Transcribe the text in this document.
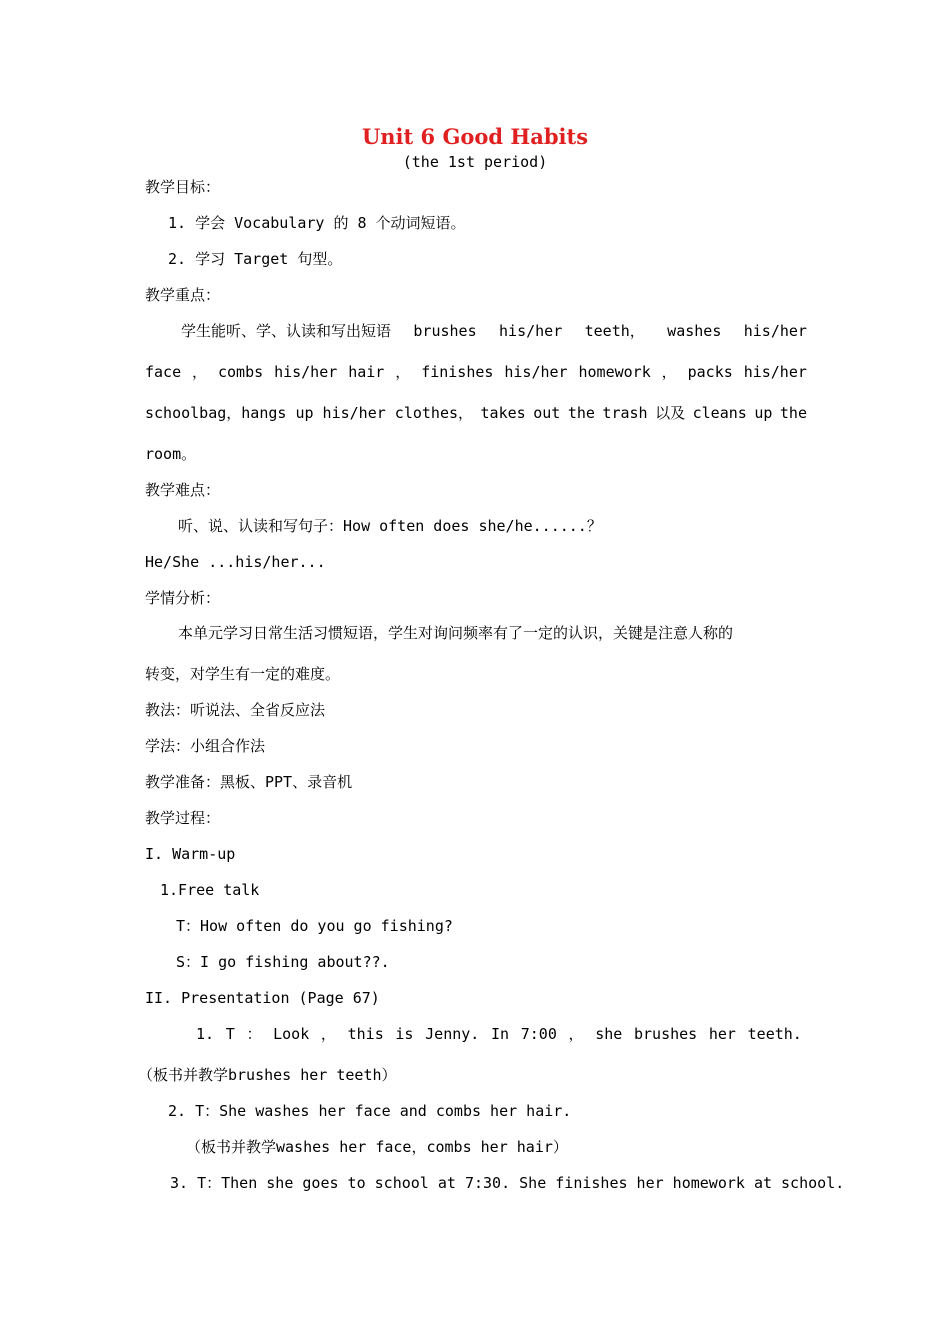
Unit 6 Good Habits
(the 1st period)
教学目标：
1. 学会 Vocabulary 的 8 个动词短语。
2. 学习 Target 句型。
教学重点：
学生能听、学、认读和写出短语 brushes his/her teeth， washes his/her
face ， combs his/her hair ， finishes his/her homework ， packs his/her
schoolbag，hangs up his/her clothes， takes out the trash 以及 cleans up the
room。
教学难点：
听、说、认读和写句子：How often does she/he......？
He/She ...his/her...
学情分析：
本单元学习日常生活习惯短语，学生对询问频率有了一定的认识，关键是注意人称的
转变，对学生有一定的难度。
教法：听说法、全省反应法
学法：小组合作法
教学准备：黑板、PPT、录音机
教学过程：
I. Warm-up
1.Free talk
T：How often do you go fishing?
S：I go fishing about??.
II. Presentation (Page 67)
1. T ： Look ， this is Jenny. In 7:00 ， she brushes her teeth.
（板书并教学brushes her teeth）
2. T：She washes her face and combs her hair.
（板书并教学washes her face，combs her hair）
3. T：Then she goes to school at 7:30. She finishes her homework at school.
